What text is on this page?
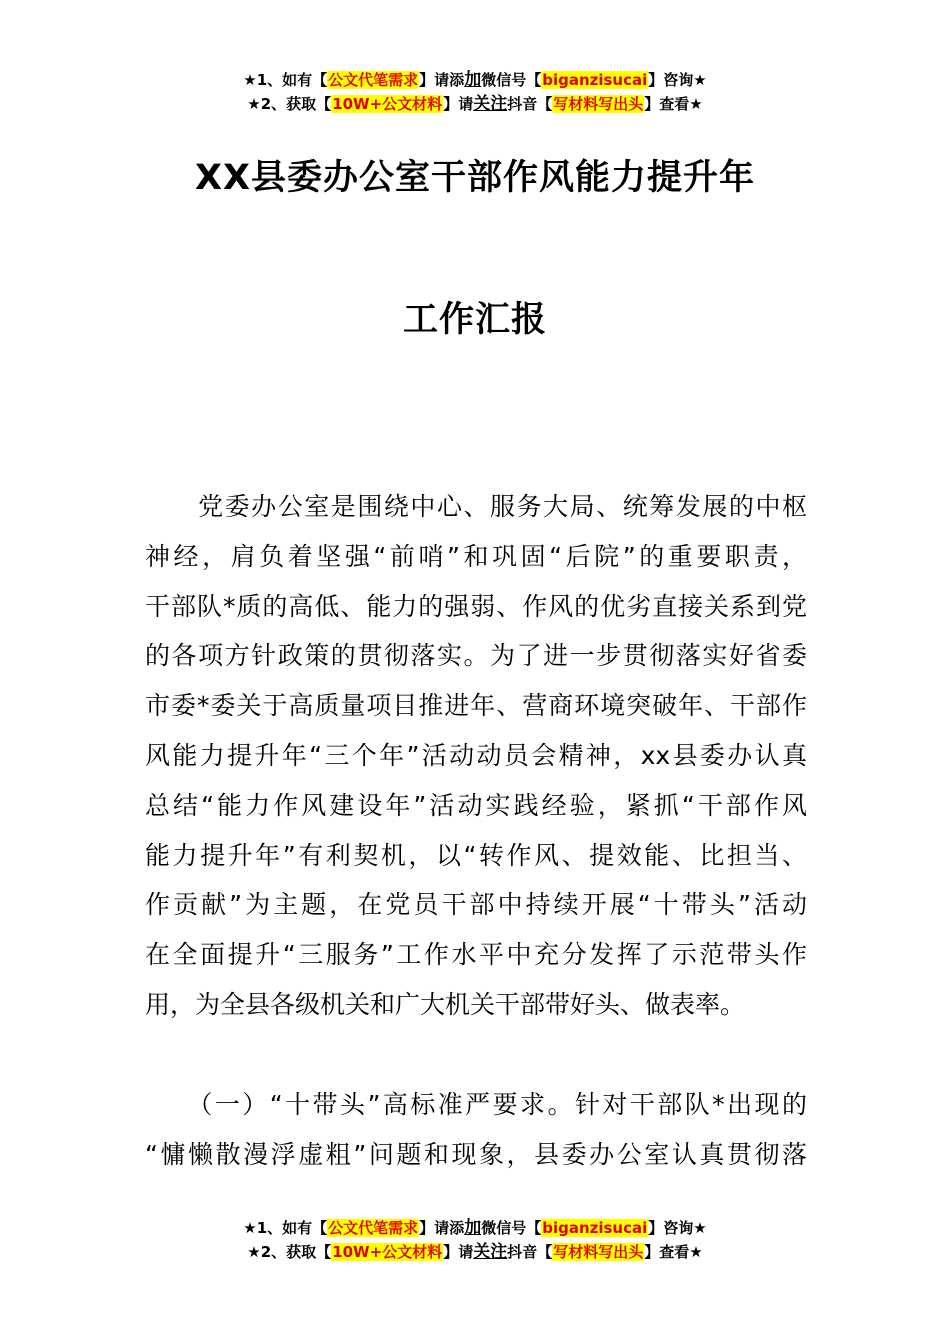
★1、如有【公文代笔需求】请添加微信号【biganzisucai】咨询★
★2、获取【10W+公文材料】请关注抖音【写材料写出头】查看★
XX县委办公室干部作风能力提升年
工作汇报
　　党委办公室是围绕中心、服务大局、统筹发展的中枢
神经，肩负着坚强“前哨”和巩固“后院”的重要职责，
干部队*质的高低、能力的强弱、作风的优劣直接关系到党
的各项方针政策的贯彻落实。为了进一步贯彻落实好省委
市委*委关于高质量项目推进年、营商环境突破年、干部作
风能力提升年“三个年”活动动员会精神，xx县委办认真
总结“能力作风建设年”活动实践经验，紧抓“干部作风
能力提升年”有利契机，以“转作风、提效能、比担当、
作贡献”为主题，在党员干部中持续开展“十带头”活动
在全面提升“三服务”工作水平中充分发挥了示范带头作
用，为全县各级机关和广大机关干部带好头、做表率。
　　（一）“十带头”高标准严要求。针对干部队*出现的
“慵懒散漫浮虚粗”问题和现象，县委办公室认真贯彻落
★1、如有【公文代笔需求】请添加微信号【biganzisucai】咨询★
★2、获取【10W+公文材料】请关注抖音【写材料写出头】查看★
